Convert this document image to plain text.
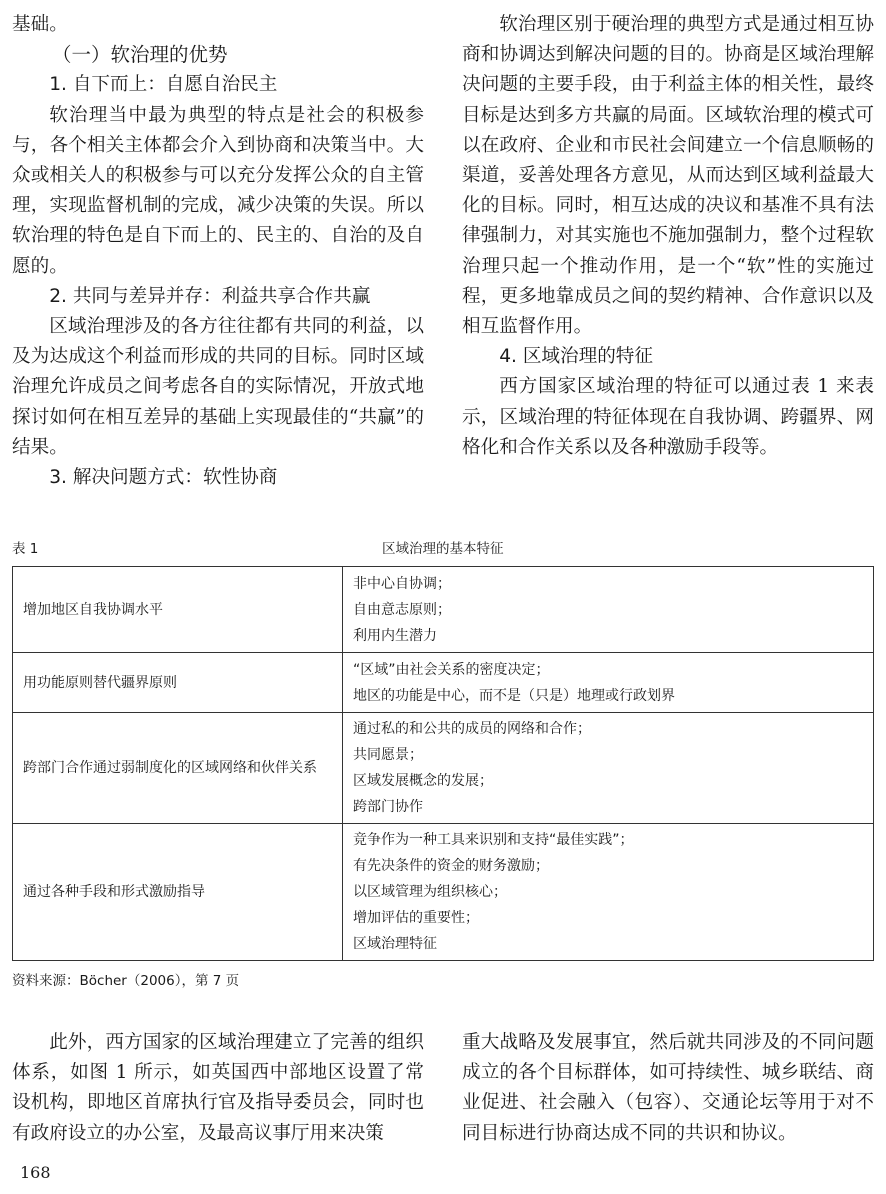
基础。

（一）软治理的优势

1. 自下而上：自愿自治民主

软治理当中最为典型的特点是社会的积极参与，各个相关主体都会介入到协商和决策当中。大众或相关人的积极参与可以充分发挥公众的自主管理，实现监督机制的完成，减少决策的失误。所以软治理的特色是自下而上的、民主的、自治的及自愿的。

2. 共同与差异并存：利益共享合作共赢

区域治理涉及的各方往往都有共同的利益，以及为达成这个利益而形成的共同的目标。同时区域治理允许成员之间考虑各自的实际情况，开放式地探讨如何在相互差异的基础上实现最佳的“共赢”的结果。

3. 解决问题方式：软性协商

软治理区别于硬治理的典型方式是通过相互协商和协调达到解决问题的目的。协商是区域治理解决问题的主要手段，由于利益主体的相关性，最终目标是达到多方共赢的局面。区域软治理的模式可以在政府、企业和市民社会间建立一个信息顺畅的渠道，妥善处理各方意见，从而达到区域利益最大化的目标。同时，相互达成的决议和基准不具有法律强制力，对其实施也不施加强制力，整个过程软治理只起一个推动作用，是一个“软”性的实施过程，更多地靠成员之间的契约精神、合作意识以及相互监督作用。

4. 区域治理的特征

西方国家区域治理的特征可以通过表 1 来表示，区域治理的特征体现在自我协调、跨疆界、网格化和合作关系以及各种激励手段等。

表 1	区域治理的基本特征
增加地区自我协调水平	非中心自协调；
自由意志原则；
利用内生潜力

用功能原则替代疆界原则	“区域”由社会关系的密度决定；
地区的功能是中心，而不是（只是）地理或行政划界

跨部门合作通过弱制度化的区域网络和伙伴关系	通过私的和公共的成员的网络和合作；
共同愿景；
区域发展概念的发展；
跨部门协作

通过各种手段和形式激励指导	竞争作为一种工具来识别和支持“最佳实践”；
有先决条件的资金的财务激励；
以区域管理为组织核心；
增加评估的重要性；
区域治理特征
资料来源：Böcher（2006），第 7 页

此外，西方国家的区域治理建立了完善的组织体系，如图 1 所示，如英国西中部地区设置了常设机构，即地区首席执行官及指导委员会，同时也有政府设立的办公室，及最高议事厅用来决策

重大战略及发展事宜，然后就共同涉及的不同问题成立的各个目标群体，如可持续性、城乡联结、商业促进、社会融入（包容）、交通论坛等用于对不同目标进行协商达成不同的共识和协议。

168
